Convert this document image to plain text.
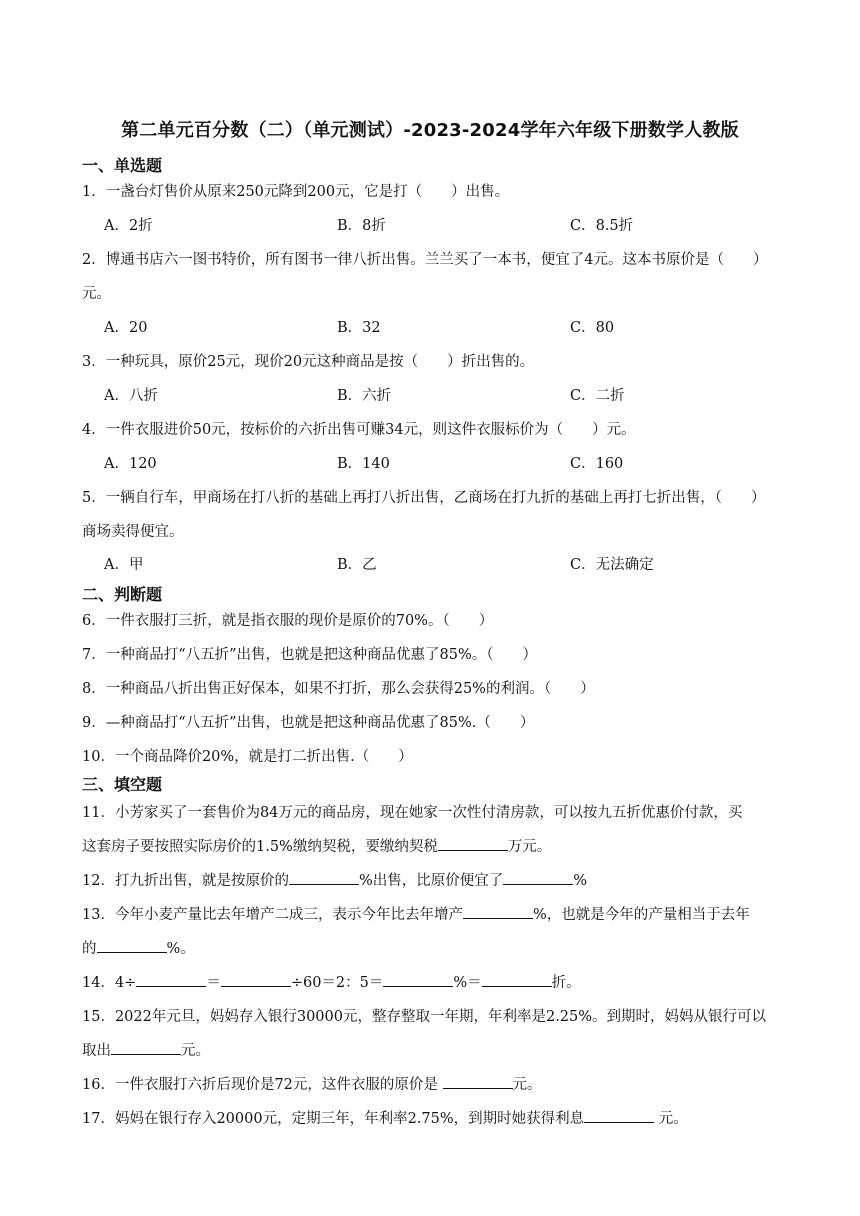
第二单元百分数（二）（单元测试）-2023-2024学年六年级下册数学人教版
一、单选题
1．一盏台灯售价从原来250元降到200元，它是打（　　）出售。
A．2折	B．8折	C．8.5折
2．博通书店六一图书特价，所有图书一律八折出售。兰兰买了一本书，便宜了4元。这本书原价是（　　）
元。
A．20	B．32	C．80
3．一种玩具，原价25元，现价20元这种商品是按（　　）折出售的。
A．八折	B．六折	C．二折
4．一件衣服进价50元，按标价的六折出售可赚34元，则这件衣服标价为（　　）元。
A．120	B．140	C．160
5．一辆自行车，甲商场在打八折的基础上再打八折出售，乙商场在打九折的基础上再打七折出售，（　　）
商场卖得便宜。
A．甲	B．乙	C．无法确定
二、判断题
6．一件衣服打三折，就是指衣服的现价是原价的70%。（　　）
7．一种商品打“八五折”出售，也就是把这种商品优惠了85%。（　　）
8．一种商品八折出售正好保本，如果不打折，那么会获得25%的利润。（　　）
9．—种商品打“八五折”出售，也就是把这种商品优惠了85%.（　　）
10．一个商品降价20%，就是打二折出售.（　　）
三、填空题
11．小芳家买了一套售价为84万元的商品房，现在她家一次性付清房款，可以按九五折优惠价付款，买
这套房子要按照实际房价的1.5%缴纳契税，要缴纳契税	万元。
12．打九折出售，就是按原价的	%出售，比原价便宜了	%
13．今年小麦产量比去年增产二成三，表示今年比去年增产	%，也就是今年的产量相当于去年
的	%。
14．4÷	＝	÷60＝2：5＝	%＝	折。
15．2022年元旦，妈妈存入银行30000元，整存整取一年期，年利率是2.25%。到期时，妈妈从银行可以
取出	元。
16．一件衣服打六折后现价是72元，这件衣服的原价是	元。
17．妈妈在银行存入20000元，定期三年，年利率2.75%，到期时她获得利息	元。
